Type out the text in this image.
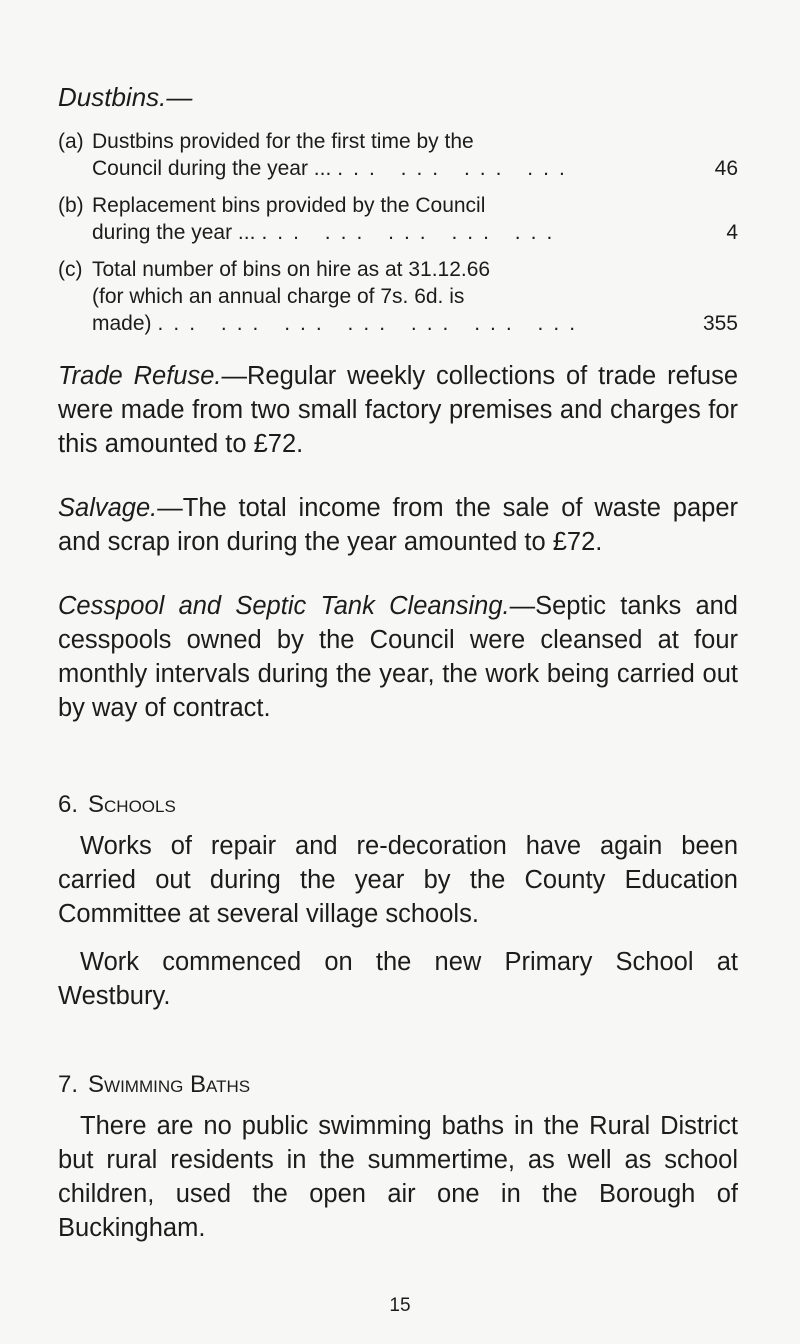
Dustbins.—
(a) Dustbins provided for the first time by the
Council during the year ... ... ... ... ...	46
(b) Replacement bins provided by the Council
during the year ... ... ... ... ... ...	4
(c) Total number of bins on hire as at 31.12.66
(for which an annual charge of 7s. 6d. is
made) ... ... ... ... ... ... ...	355

Trade Refuse.—Regular weekly collections of trade refuse were made from two small factory premises and charges for this amounted to £72.

Salvage.—The total income from the sale of waste paper and scrap iron during the year amounted to £72.

Cesspool and Septic Tank Cleansing.—Septic tanks and cesspools owned by the Council were cleansed at four monthly intervals during the year, the work being carried out by way of contract.

6. Schools

Works of repair and re-decoration have again been carried out during the year by the County Education Committee at several village schools.

Work commenced on the new Primary School at Westbury.

7. Swimming Baths

There are no public swimming baths in the Rural District but rural residents in the summertime, as well as school children, used the open air one in the Borough of Buckingham.

15
